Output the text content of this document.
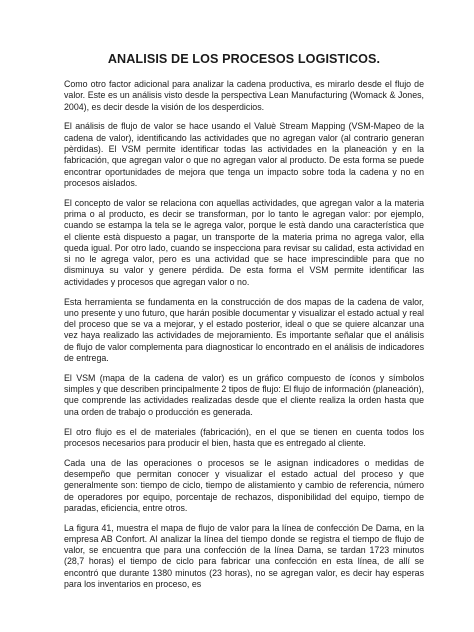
ANALISIS DE LOS PROCESOS LOGISTICOS.

Como otro factor adicional para analizar la cadena productiva, es mirarlo desde el flujo de valor. Este es un análisis visto desde la perspectiva Lean Manufacturing (Womack & Jones, 2004), es decir desde la visión de los desperdicios.

El análisis de flujo de valor se hace usando el Valuè Stream Mapping (VSM-Mapeo de la cadena de valor), identificando las actividades que no agregan valor (al contrario generan pèrdidas). El VSM permite identificar todas las actividades en la planeación y en la fabricación, que agregan valor o que no agregan valor al producto. De esta forma se puede encontrar oportunidades de mejora que tenga un impacto sobre toda la cadena y no en procesos aislados.

El concepto de valor se relaciona con aquellas actividades, que agregan valor a la materia prima o al producto, es decir se transforman, por lo tanto le agregan valor: por ejemplo, cuando se estampa la tela se le agrega valor, porque le està dando una característica que el cliente està dispuesto a pagar, un transporte de la materia prima no agrega valor, ella queda igual. Por otro lado, cuando se inspecciona para revisar su calidad, esta actividad en si no le agrega valor, pero es una actividad que se hace imprescindible para que no disminuya su valor y genere pérdida. De esta forma el VSM permite identificar las actividades y procesos que agregan valor o no.

Esta herramienta se fundamenta en la construcción de dos mapas de la cadena de valor, uno presente y uno futuro, que harán posible documentar y visualizar el estado actual y real del proceso que se va a mejorar, y el estado posterior, ideal o que se quiere alcanzar una vez haya realizado las actividades de mejoramiento. Es importante señalar que el análisis de flujo de valor complementa para diagnosticar lo encontrado en el análisis de indicadores de entrega.

El VSM (mapa de la cadena de valor) es un gráfico compuesto de íconos y símbolos simples y que describen principalmente 2 tipos de flujo: El flujo de información (planeación), que comprende las actividades realizadas desde que el cliente realiza la orden hasta que una orden de trabajo o producción es generada.

El otro flujo es el de materiales (fabricación), en el que se tienen en cuenta todos los procesos necesarios para producir el bien, hasta que es entregado al cliente.

Cada una de las operaciones o procesos se le asignan indicadores o medidas de desempeño que permitan conocer y visualizar el estado actual del proceso y que generalmente son: tiempo de ciclo, tiempo de alistamiento y cambio de referencia, número de operadores por equipo, porcentaje de rechazos, disponibilidad del equipo, tiempo de paradas, eficiencia, entre otros.

La figura 41, muestra el mapa de flujo de valor para la línea de confección De Dama, en la empresa AB Confort. Al analizar la línea del tiempo donde se registra el tiempo de flujo de valor, se encuentra que para una confección de la línea Dama, se tardan 1723 minutos (28,7 horas) el tiempo de ciclo para fabricar una confección en esta línea, de allí se encontró que durante 1380 minutos (23 horas), no se agregan valor, es decir hay esperas para los inventarios en proceso, es
